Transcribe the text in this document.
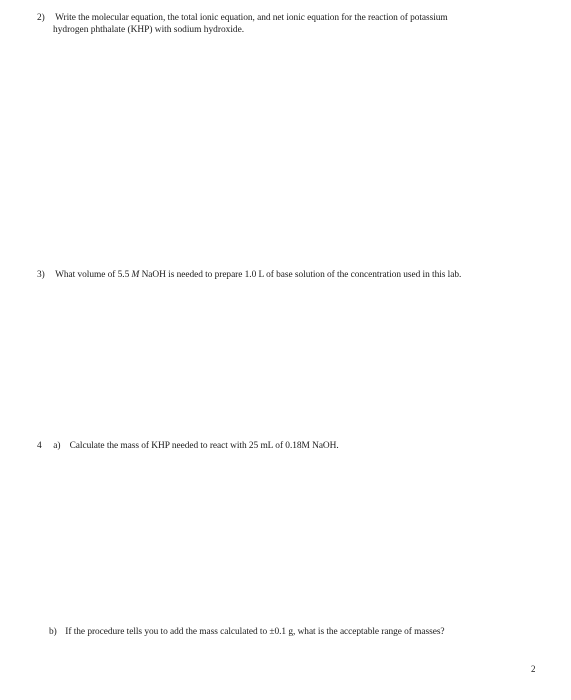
2) Write the molecular equation, the total ionic equation, and net ionic equation for the reaction of potassium
hydrogen phthalate (KHP) with sodium hydroxide.
3) What volume of 5.5 M NaOH is needed to prepare 1.0 L of base solution of the concentration used in this lab.
4 a) Calculate the mass of KHP needed to react with 25 mL of 0.18M NaOH.
b) If the procedure tells you to add the mass calculated to ±0.1 g, what is the acceptable range of masses?
2
